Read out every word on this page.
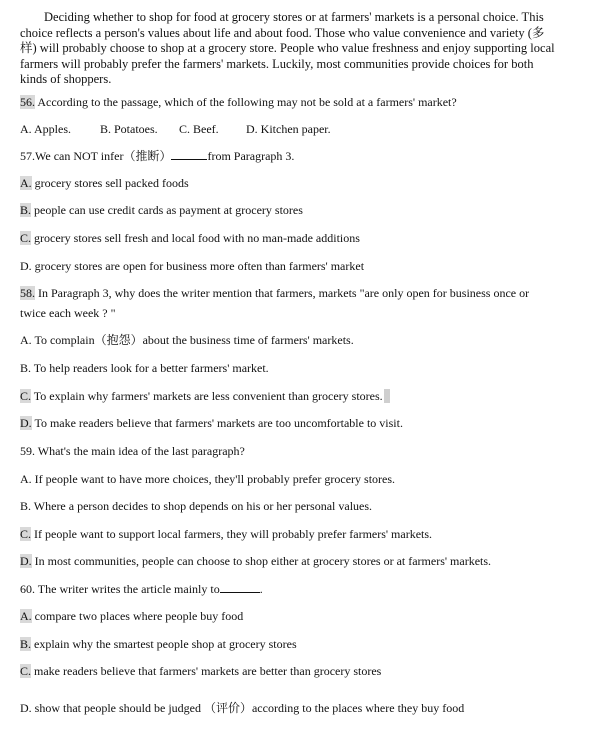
Deciding whether to shop for food at grocery stores or at farmers' markets is a personal choice. This choice reflects a person's values about life and about food. Those who value convenience and variety (多样) will probably choose to shop at a grocery store. People who value freshness and enjoy supporting local farmers will probably prefer the farmers' markets. Luckily, most communities provide choices for both kinds of shoppers.

56. According to the passage, which of the following may not be sold at a farmers' market?
A. Apples. B. Potatoes. C. Beef. D. Kitchen paper.
57.We can NOT infer（推断）	from Paragraph 3.
A. grocery stores sell packed foods
B. people can use credit cards as payment at grocery stores
C. grocery stores sell fresh and local food with no man-made additions
D. grocery stores are open for business more often than farmers' market
58. In Paragraph 3, why does the writer mention that farmers, markets "are only open for business once or
twice each week ? "
A. To complain（抱怨）about the business time of farmers' markets.
B. To help readers look for a better farmers' market.
C. To explain why farmers' markets are less convenient than grocery stores.
D. To make readers believe that farmers' markets are too uncomfortable to visit.
59. What's the main idea of the last paragraph?
A. If people want to have more choices, they'll probably prefer grocery stores.
B. Where a person decides to shop depends on his or her personal values.
C. If people want to support local farmers, they will probably prefer farmers' markets.
D. In most communities, people can choose to shop either at grocery stores or at farmers' markets.
60. The writer writes the article mainly to	.
A. compare two places where people buy food
B. explain why the smartest people shop at grocery stores
C. make readers believe that farmers' markets are better than grocery stores
D. show that people should be judged （评价）according to the places where they buy food
